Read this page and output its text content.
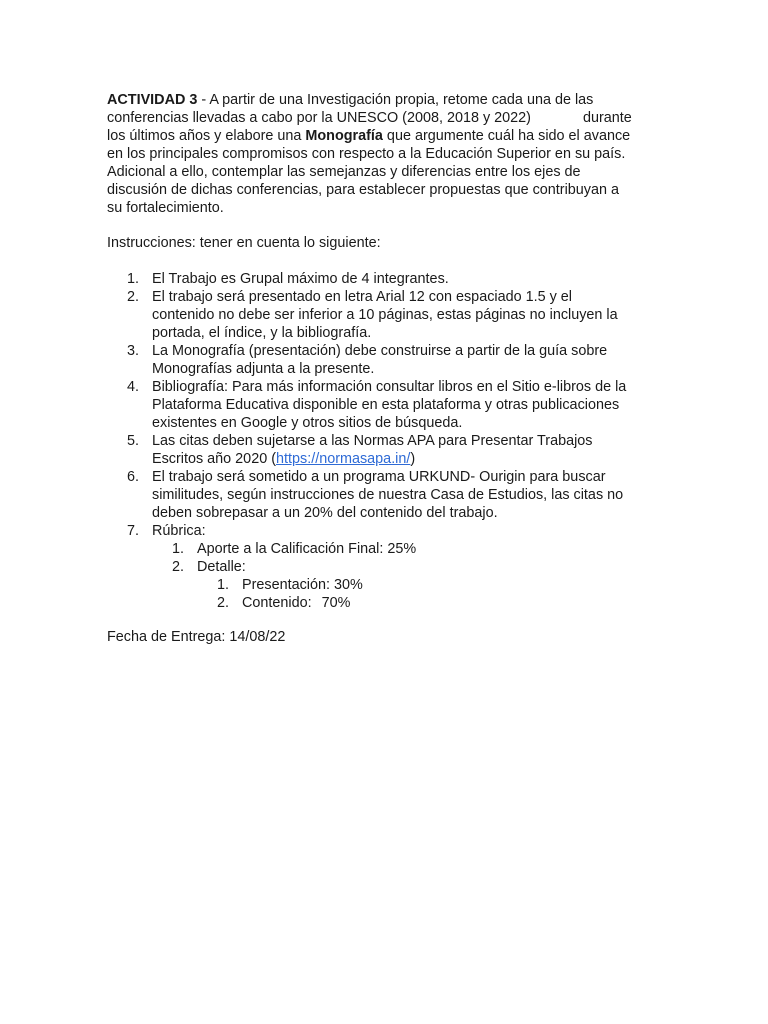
ACTIVIDAD 3 - A partir de una Investigación propia, retome cada una de las
conferencias llevadas a cabo por la UNESCO (2008, 2018 y 2022)	durante
los últimos años y elabore una Monografía que argumente cuál ha sido el avance
en los principales compromisos con respecto a la Educación Superior en su país.
Adicional a ello, contemplar las semejanzas y diferencias entre los ejes de
discusión de dichas conferencias, para establecer propuestas que contribuyan a
su fortalecimiento.
Instrucciones: tener en cuenta lo siguiente:
1. El Trabajo es Grupal máximo de 4 integrantes.
2. El trabajo será presentado en letra Arial 12 con espaciado 1.5 y el
contenido no debe ser inferior a 10 páginas, estas páginas no incluyen la
portada, el índice, y la bibliografía.
3. La Monografía (presentación) debe construirse a partir de la guía sobre
Monografías adjunta a la presente.
4. Bibliografía: Para más información consultar libros en el Sitio e-libros de la
Plataforma Educativa disponible en esta plataforma y otras publicaciones
existentes en Google y otros sitios de búsqueda.
5. Las citas deben sujetarse a las Normas APA para Presentar Trabajos
Escritos año 2020 (https://normasapa.in/)
6. El trabajo será sometido a un programa URKUND- Ourigin para buscar
similitudes, según instrucciones de nuestra Casa de Estudios, las citas no
deben sobrepasar a un 20% del contenido del trabajo.
7. Rúbrica:
1. Aporte a la Calificación Final: 25%
2. Detalle:
1. Presentación: 30%
2. Contenido: 70%
Fecha de Entrega: 14/08/22
